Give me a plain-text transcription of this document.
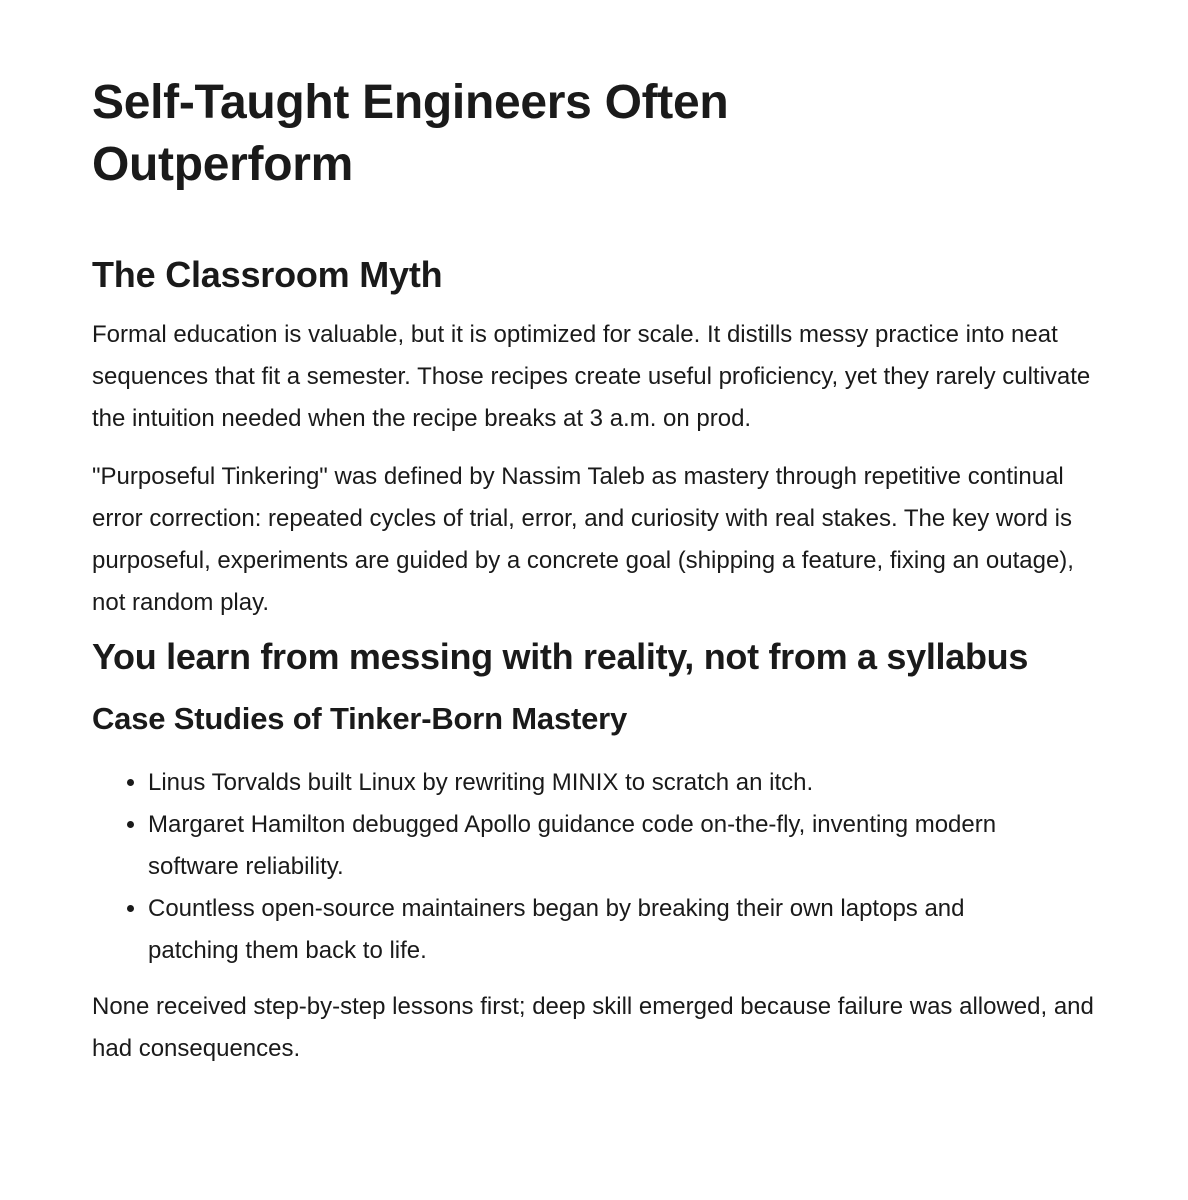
Self-Taught Engineers Often Outperform
The Classroom Myth

Formal education is valuable, but it is optimized for scale. It distills messy practice into neat sequences that fit a semester. Those recipes create useful proficiency, yet they rarely cultivate the intuition needed when the recipe breaks at 3 a.m. on prod.

"Purposeful Tinkering" was defined by Nassim Taleb as mastery through repetitive continual error correction: repeated cycles of trial, error, and curiosity with real stakes. The key word is purposeful, experiments are guided by a concrete goal (shipping a feature, fixing an outage), not random play.

You learn from messing with reality, not from a syllabus
Case Studies of Tinker-Born Mastery
• Linus Torvalds built Linux by rewriting MINIX to scratch an itch.
• Margaret Hamilton debugged Apollo guidance code on-the-fly, inventing modern software reliability.
• Countless open-source maintainers began by breaking their own laptops and patching them back to life.

None received step-by-step lessons first; deep skill emerged because failure was allowed, and had consequences.
